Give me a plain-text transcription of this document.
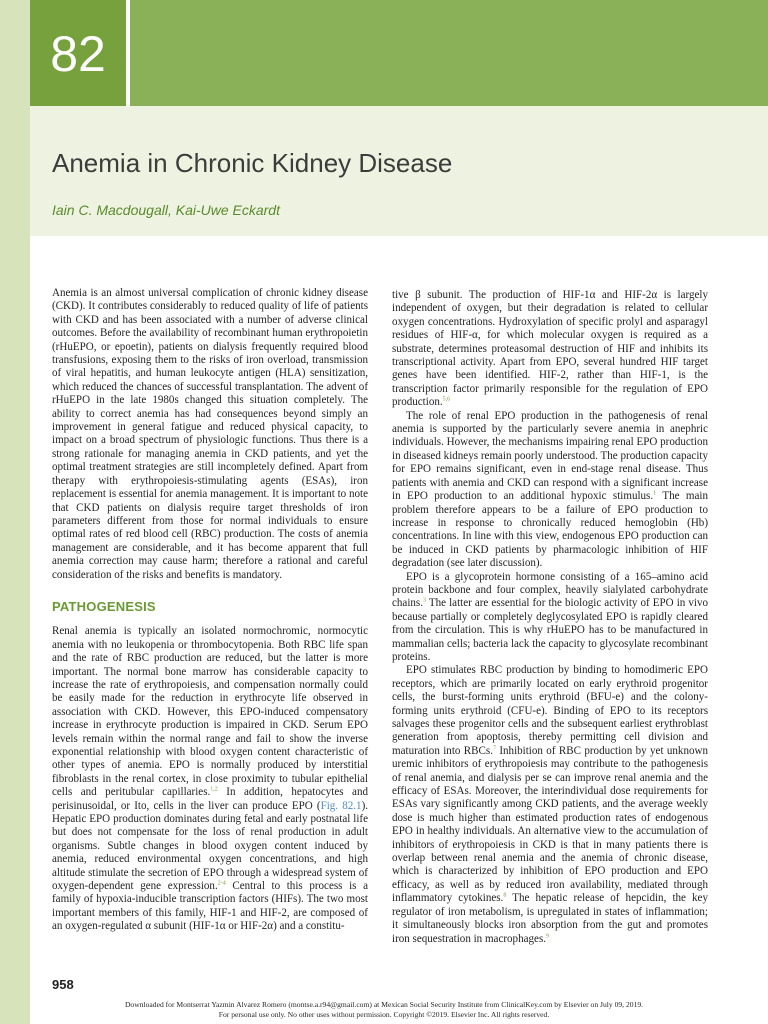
82
Anemia in Chronic Kidney Disease
Iain C. Macdougall, Kai-Uwe Eckardt

Anemia is an almost universal complication of chronic kidney disease (CKD). It contributes considerably to reduced quality of life of patients with CKD and has been associated with a number of adverse clinical outcomes. Before the availability of recombinant human erythropoietin (rHuEPO, or epoetin), patients on dialysis frequently required blood transfusions, exposing them to the risks of iron overload, transmission of viral hepatitis, and human leukocyte antigen (HLA) sensitization, which reduced the chances of successful transplantation. The advent of rHuEPO in the late 1980s changed this situation completely. The ability to correct anemia has had consequences beyond simply an improvement in general fatigue and reduced physical capacity, to impact on a broad spectrum of physiologic functions. Thus there is a strong rationale for managing anemia in CKD patients, and yet the optimal treatment strategies are still incompletely defined. Apart from therapy with erythropoiesis-stimulating agents (ESAs), iron replacement is essential for anemia management. It is important to note that CKD patients on dialysis require target thresholds of iron parameters different from those for normal individuals to ensure optimal rates of red blood cell (RBC) production. The costs of anemia management are considerable, and it has become apparent that full anemia correction may cause harm; therefore a rational and careful consideration of the risks and benefits is mandatory.

PATHOGENESIS

Renal anemia is typically an isolated normochromic, normocytic anemia with no leukopenia or thrombocytopenia. Both RBC life span and the rate of RBC production are reduced, but the latter is more important. The normal bone marrow has considerable capacity to increase the rate of erythropoiesis, and compensation normally could be easily made for the reduction in erythrocyte life observed in association with CKD. However, this EPO-induced compensatory increase in erythrocyte production is impaired in CKD. Serum EPO levels remain within the normal range and fail to show the inverse exponential relationship with blood oxygen content characteristic of other types of anemia. EPO is normally produced by interstitial fibroblasts in the renal cortex, in close proximity to tubular epithelial cells and peritubular capillaries.$^{1,2}$ In addition, hepatocytes and perisinusoidal, or Ito, cells in the liver can produce EPO (Fig. 82.1). Hepatic EPO production dominates during fetal and early postnatal life but does not compensate for the loss of renal production in adult organisms. Subtle changes in blood oxygen content induced by anemia, reduced environmental oxygen concentrations, and high altitude stimulate the secretion of EPO through a widespread system of oxygen-dependent gene expression.$^{2-4}$ Central to this process is a family of hypoxia-inducible transcription factors (HIFs). The two most important members of this family, HIF-1 and HIF-2, are composed of an oxygen-regulated α subunit (HIF-1α or HIF-2α) and a constitu-

tive β subunit. The production of HIF-1α and HIF-2α is largely independent of oxygen, but their degradation is related to cellular oxygen concentrations. Hydroxylation of specific prolyl and asparagyl residues of HIF-α, for which molecular oxygen is required as a substrate, determines proteasomal destruction of HIF and inhibits its transcriptional activity. Apart from EPO, several hundred HIF target genes have been identified. HIF-2, rather than HIF-1, is the transcription factor primarily responsible for the regulation of EPO production.$^{5,6}$

The role of renal EPO production in the pathogenesis of renal anemia is supported by the particularly severe anemia in anephric individuals. However, the mechanisms impairing renal EPO production in diseased kidneys remain poorly understood. The production capacity for EPO remains significant, even in end-stage renal disease. Thus patients with anemia and CKD can respond with a significant increase in EPO production to an additional hypoxic stimulus.$^1$ The main problem therefore appears to be a failure of EPO production to increase in response to chronically reduced hemoglobin (Hb) concentrations. In line with this view, endogenous EPO production can be induced in CKD patients by pharmacologic inhibition of HIF degradation (see later discussion).

EPO is a glycoprotein hormone consisting of a 165–amino acid protein backbone and four complex, heavily sialylated carbohydrate chains.$^3$ The latter are essential for the biologic activity of EPO in vivo because partially or completely deglycosylated EPO is rapidly cleared from the circulation. This is why rHuEPO has to be manufactured in mammalian cells; bacteria lack the capacity to glycosylate recombinant proteins.

EPO stimulates RBC production by binding to homodimeric EPO receptors, which are primarily located on early erythroid progenitor cells, the burst-forming units erythroid (BFU-e) and the colony-forming units erythroid (CFU-e). Binding of EPO to its receptors salvages these progenitor cells and the subsequent earliest erythroblast generation from apoptosis, thereby permitting cell division and maturation into RBCs.$^7$ Inhibition of RBC production by yet unknown uremic inhibitors of erythropoiesis may contribute to the pathogenesis of renal anemia, and dialysis per se can improve renal anemia and the efficacy of ESAs. Moreover, the interindividual dose requirements for ESAs vary significantly among CKD patients, and the average weekly dose is much higher than estimated production rates of endogenous EPO in healthy individuals. An alternative view to the accumulation of inhibitors of erythropoiesis in CKD is that in many patients there is overlap between renal anemia and the anemia of chronic disease, which is characterized by inhibition of EPO production and EPO efficacy, as well as by reduced iron availability, mediated through inflammatory cytokines.$^8$ The hepatic release of hepcidin, the key regulator of iron metabolism, is upregulated in states of inflammation; it simultaneously blocks iron absorption from the gut and promotes iron sequestration in macrophages.$^9$

958
Downloaded for Montserrat Yazmin Alvarez Romero (montse.a.r94@gmail.com) at Mexican Social Security Institute from ClinicalKey.com by Elsevier on July 09, 2019.
For personal use only. No other uses without permission. Copyright ©2019. Elsevier Inc. All rights reserved.
